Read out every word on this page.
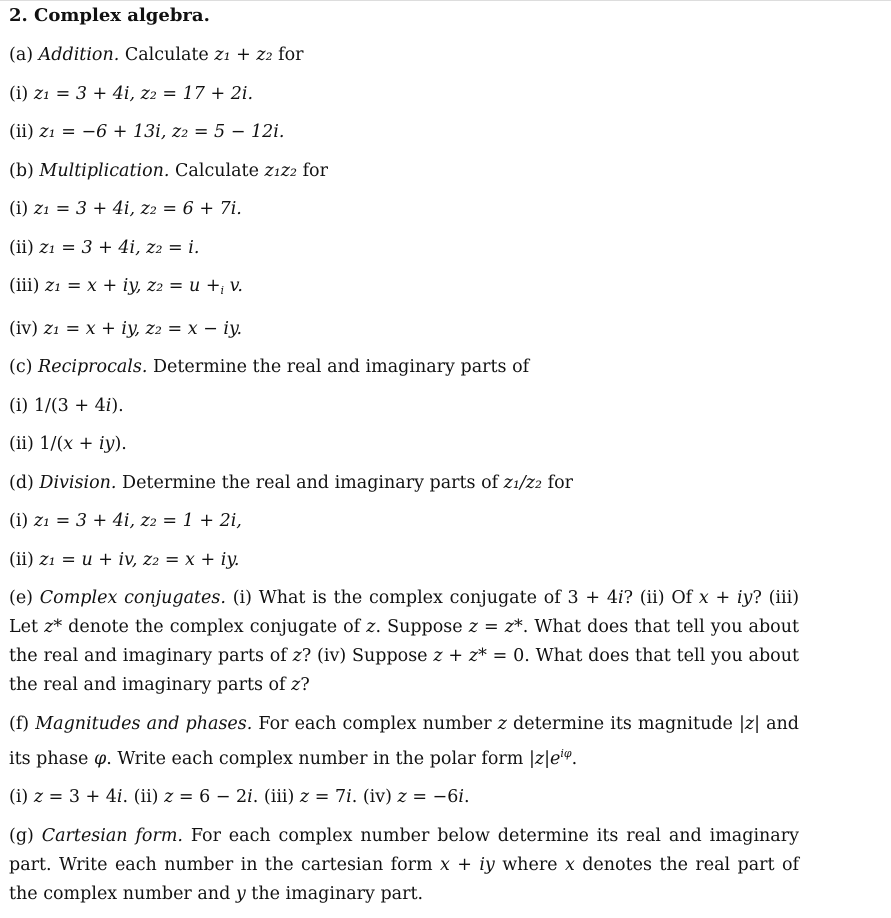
2. Complex algebra.
(a) Addition. Calculate z₁ + z₂ for
(i) z₁ = 3 + 4i, z₂ = 17 + 2i.
(ii) z₁ = −6 + 13i, z₂ = 5 − 12i.
(b) Multiplication. Calculate z₁z₂ for
(i) z₁ = 3 + 4i, z₂ = 6 + 7i.
(ii) z₁ = 3 + 4i, z₂ = i.
(iii) z₁ = x + iy, $z_2 = u +_i$ v.
(iv) z₁ = x + iy, z₂ = x − iy.
(c) Reciprocals. Determine the real and imaginary parts of
(i) 1/(3 + 4i).
(ii) 1/(x + iy).
(d) Division. Determine the real and imaginary parts of z₁/z₂ for
(i) z₁ = 3 + 4i, z₂ = 1 + 2i,
(ii) z₁ = u + iv, z₂ = x + iy.
(e) Complex conjugates. (i) What is the complex conjugate of 3 + 4i? (ii) Of x + iy? (iii) Let z* denote the complex conjugate of z. Suppose z = z*. What does that tell you about the real and imaginary parts of z? (iv) Suppose z + z* = 0. What does that tell you about the real and imaginary parts of z?
(f) Magnitudes and phases. For each complex number z determine its magnitude |z| and its phase φ. Write each complex number in the polar form $|z|e^{i\varphi}$.
(i) z = 3 + 4i. (ii) z = 6 − 2i. (iii) z = 7i. (iv) z = −6i.
(g) Cartesian form. For each complex number below determine its real and imaginary part. Write each number in the cartesian form x + iy where x denotes the real part of the complex number and y the imaginary part.
